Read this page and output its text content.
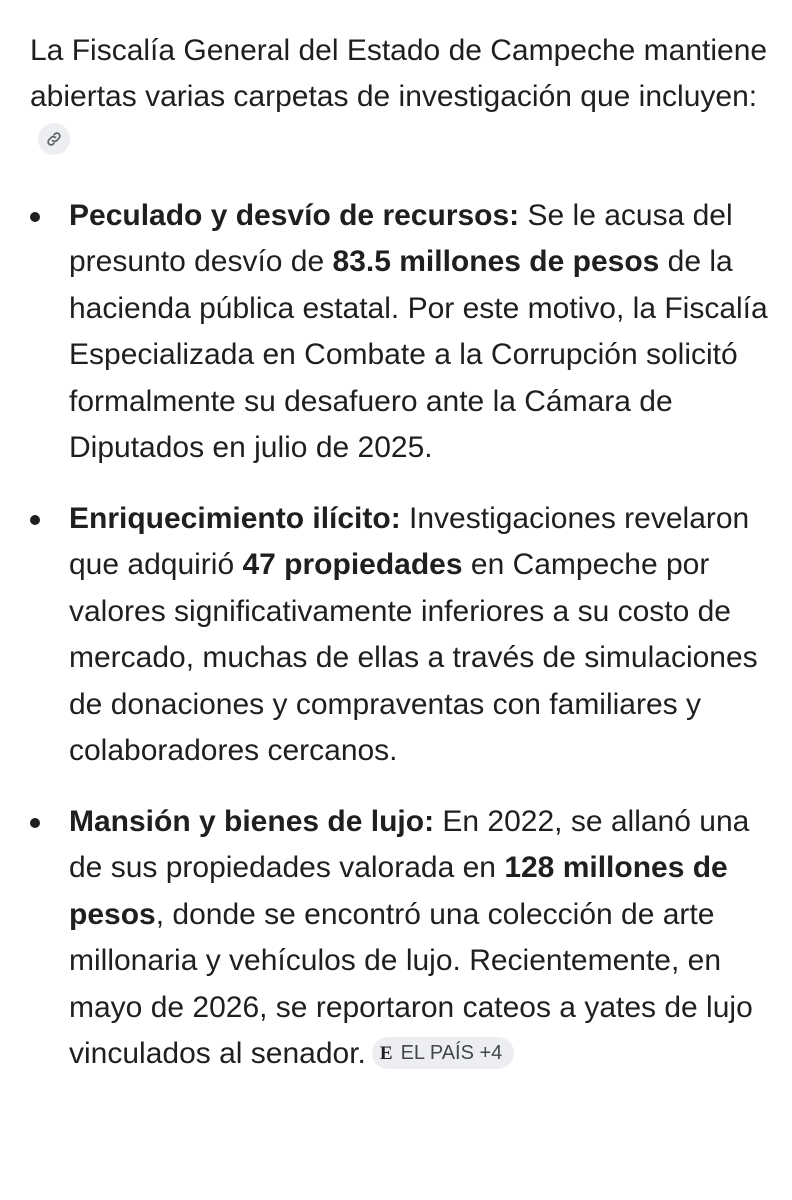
La Fiscalía General del Estado de Campeche mantiene abiertas varias carpetas de investigación que incluyen:

Peculado y desvío de recursos: Se le acusa del presunto desvío de 83.5 millones de pesos de la hacienda pública estatal. Por este motivo, la Fiscalía Especializada en Combate a la Corrupción solicitó formalmente su desafuero ante la Cámara de Diputados en julio de 2025.
Enriquecimiento ilícito: Investigaciones revelaron que adquirió 47 propiedades en Campeche por valores significativamente inferiores a su costo de mercado, muchas de ellas a través de simulaciones de donaciones y compraventas con familiares y colaboradores cercanos.
Mansión y bienes de lujo: En 2022, se allanó una de sus propiedades valorada en 128 millones de pesos, donde se encontró una colección de arte millonaria y vehículos de lujo. Recientemente, en mayo de 2026, se reportaron cateos a yates de lujo vinculados al senador. E EL PAÍS +4
